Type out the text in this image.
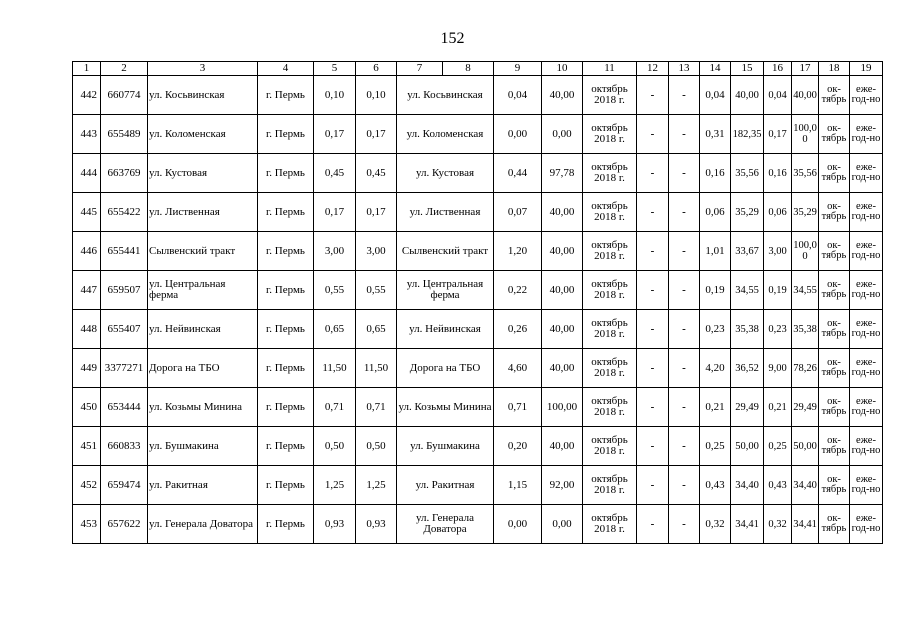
152
1	2	3	4	5	6	7	8	9	10	11	12	13	14	15	16	17	18	19
442	660774	ул. Косьвинская	г. Пермь	0,10	0,10	ул. Косьвинская		0,04	40,00	октябрь 2018 г.	-	-	0,04	40,00	0,04	40,00	ок-тябрь	еже-год-но
443	655489	ул. Коломенская	г. Пермь	0,17	0,17	ул. Коломенская		0,00	0,00	октябрь 2018 г.	-	-	0,31	182,35	0,17	100,0 0	ок-тябрь	еже-год-но
444	663769	ул. Кустовая	г. Пермь	0,45	0,45	ул. Кустовая		0,44	97,78	октябрь 2018 г.	-	-	0,16	35,56	0,16	35,56	ок-тябрь	еже-год-но
445	655422	ул. Лиственная	г. Пермь	0,17	0,17	ул. Лиственная		0,07	40,00	октябрь 2018 г.	-	-	0,06	35,29	0,06	35,29	ок-тябрь	еже-год-но
446	655441	Сылвенский тракт	г. Пермь	3,00	3,00	Сылвенский тракт		1,20	40,00	октябрь 2018 г.	-	-	1,01	33,67	3,00	100,0 0	ок-тябрь	еже-год-но
447	659507	ул. Центральная ферма	г. Пермь	0,55	0,55	ул. Центральная ферма		0,22	40,00	октябрь 2018 г.	-	-	0,19	34,55	0,19	34,55	ок-тябрь	еже-год-но
448	655407	ул. Нейвинская	г. Пермь	0,65	0,65	ул. Нейвинская		0,26	40,00	октябрь 2018 г.	-	-	0,23	35,38	0,23	35,38	ок-тябрь	еже-год-но
449	3377271	Дорога на ТБО	г. Пермь	11,50	11,50	Дорога на ТБО		4,60	40,00	октябрь 2018 г.	-	-	4,20	36,52	9,00	78,26	ок-тябрь	еже-год-но
450	653444	ул. Козьмы Минина	г. Пермь	0,71	0,71	ул. Козьмы Минина		0,71	100,00	октябрь 2018 г.	-	-	0,21	29,49	0,21	29,49	ок-тябрь	еже-год-но
451	660833	ул. Бушмакина	г. Пермь	0,50	0,50	ул. Бушмакина		0,20	40,00	октябрь 2018 г.	-	-	0,25	50,00	0,25	50,00	ок-тябрь	еже-год-но
452	659474	ул. Ракитная	г. Пермь	1,25	1,25	ул. Ракитная		1,15	92,00	октябрь 2018 г.	-	-	0,43	34,40	0,43	34,40	ок-тябрь	еже-год-но
453	657622	ул. Генерала Доватора	г. Пермь	0,93	0,93	ул. Генерала Доватора		0,00	0,00	октябрь 2018 г.	-	-	0,32	34,41	0,32	34,41	ок-тябрь	еже-год-но
